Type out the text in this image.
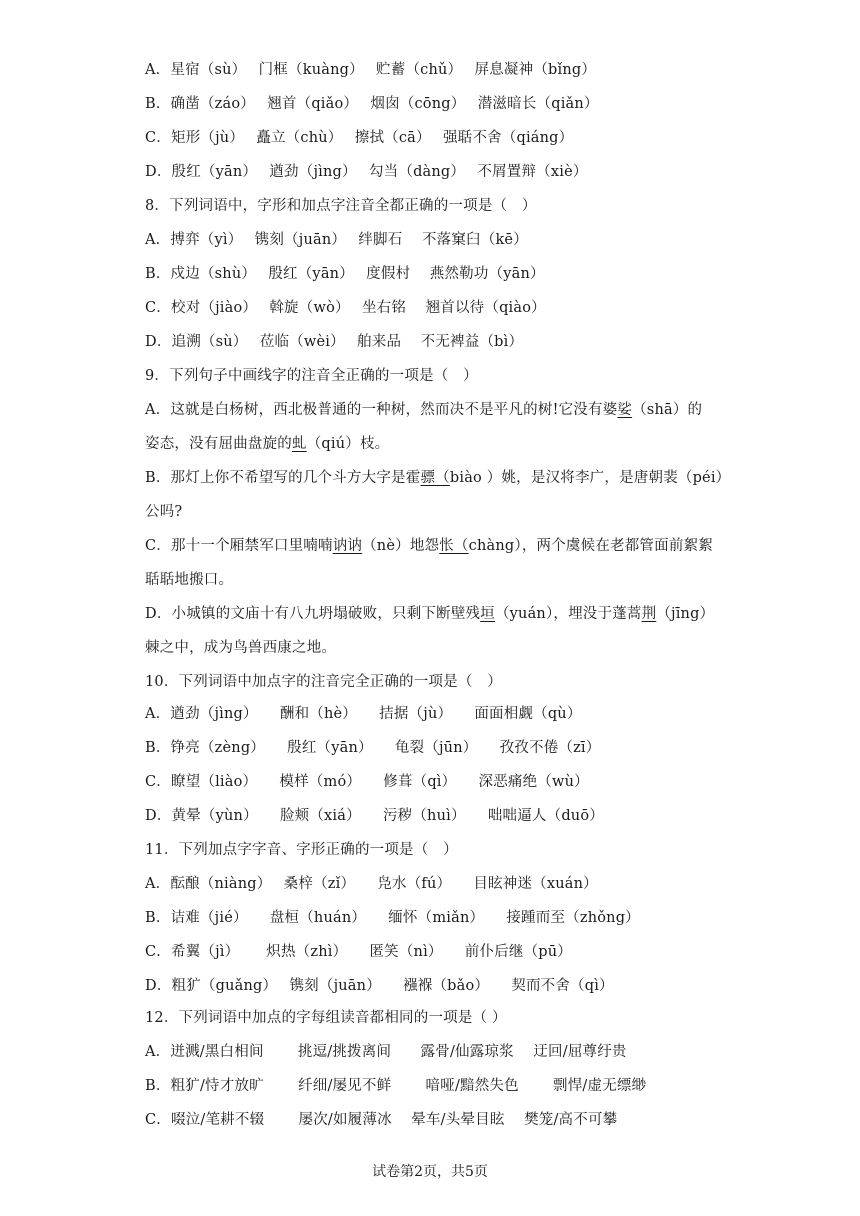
A．星宿（sù）　 门框（kuàng）　 贮蓄（chǔ）　 屏息凝神（bǐng）
B．确凿（záo）　 翘首（qiǎo）　 烟囱（cōng）　 潜滋暗长（qiǎn）
C．矩形（jù）　 矗立（chù）　 擦拭（cā）　 强聒不舍（qiáng）
D．殷红（yān）　 遒劲（jìng）　 勾当（dàng）　 不屑置辩（xiè）
8．下列词语中，字形和加点字注音全都正确的一项是（　）
A．搏弈（yì）　 镌刻（juān）　 绊脚石　 不落窠臼（kē）
B．戍边（shù）　 殷红（yān）　 度假村　 燕然勒功（yān）
C．校对（jiào）　 斡旋（wò）　 坐右铭　 翘首以待（qiào）
D．追溯（sù）　 莅临（wèi）　 舶来品　 不无裨益（bì）
9．下列句子中画线字的注音全正确的一项是（　）
A．这就是白杨树，西北极普通的一种树，然而决不是平凡的树!它没有婆娑（shā）的
姿态，没有屈曲盘旋的虬（qiú）枝。
B．那灯上你不希望写的几个斗方大字是霍骠（biào ）姚，是汉将李广，是唐朝裴（péi）
公吗?
C．那十一个厢禁军口里喃喃讷讷（nè）地怨怅（chàng），两个虞候在老都管面前絮絮
聒聒地搬口。
D．小城镇的文庙十有八九坍塌破败，只剩下断壁残垣（yuán），埋没于蓬蒿荆（jīng）
棘之中，成为鸟兽西康之地。
10．下列词语中加点字的注音完全正确的一项是（　）
A．遒劲（jìng）　　酬和（hè）　　拮据（jù）　　面面相觑（qù）
B．铮亮（zèng）　　殷红（yān）　　龟裂（jūn）　　孜孜不倦（zī）
C．瞭望（liào）　　模样（mó）　　修葺（qì）　　深恶痛绝（wù）
D．黄晕（yùn）　　脸颊（xiá）　　污秽（huì）　　咄咄逼人（duō）
11．下列加点字字音、字形正确的一项是（　）
A．酝酿（niàng）　 桑梓（zǐ）　　凫水（fú）　　目眩神迷（xuán）
B．诘难（jié）　　盘桓（huán）　　缅怀（miǎn）　　接踵而至（zhǒng）
C．希翼（jì）　　 炽热（zhì）　　匿笑（nì）　　前仆后继（pū）
D．粗犷（guǎng）　 镌刻（juān）　　襁褓（bǎo）　　契而不舍（qì）
12．下列词语中加点的字每组读音都相同的一项是（ ）
A．迸溅/黑白相间　　 挑逗/挑拨离间　　露骨/仙露琼浆　 迂回/屈尊纡贵
B．粗犷/恃才放旷　　 纤细/屡见不鲜　　 喑哑/黯然失色　　 剽悍/虚无缥缈
C．啜泣/笔耕不辍　　 屡次/如履薄冰　 晕车/头晕目眩　 樊笼/高不可攀
试卷第2页，共5页
